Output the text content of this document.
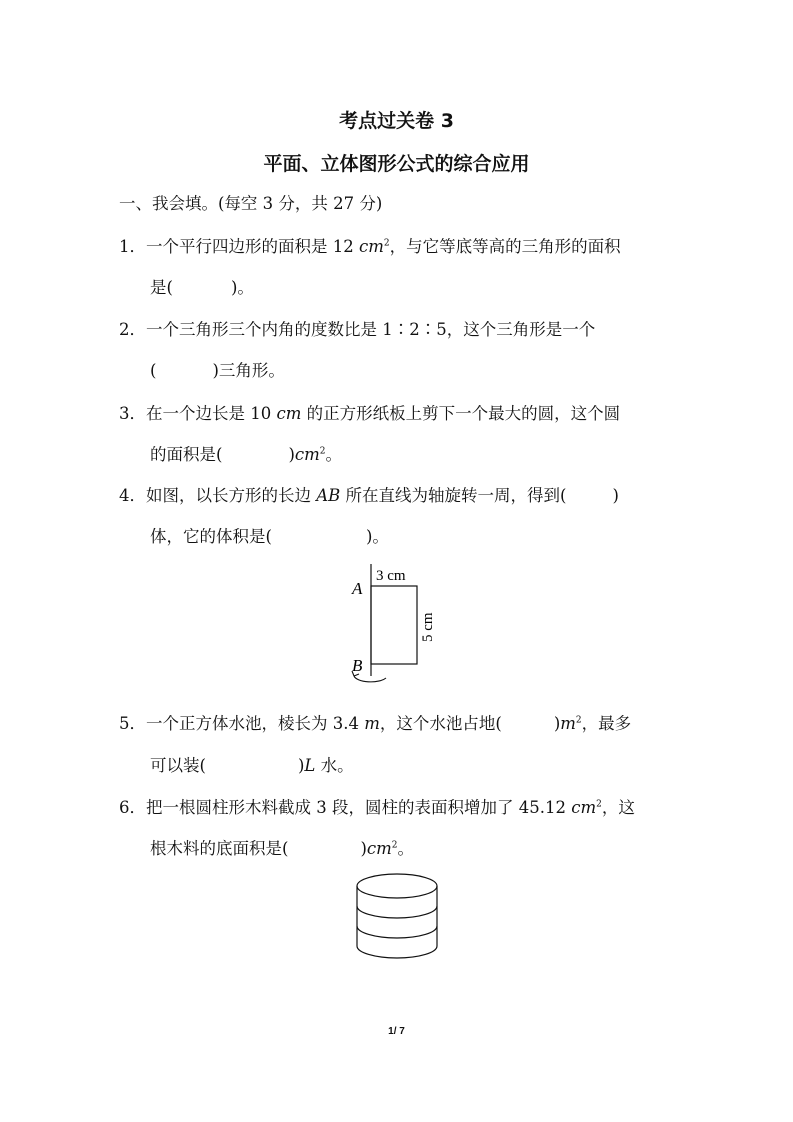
考点过关卷 3
平面、立体图形公式的综合应用
一、我会填。(每空 3 分，共 27 分)
1．一个平行四边形的面积是 12 $cm^2$，与它等底等高的三角形的面积
是(	)。
2．一个三角形三个内角的度数比是 1∶2∶5，这个三角形是一个
(	)三角形。
3．在一个边长是 10 cm 的正方形纸板上剪下一个最大的圆，这个圆
的面积是(	)$cm^2$。
4．如图，以长方形的长边 AB 所在直线为轴旋转一周，得到(	)
体，它的体积是(	)。
A
B
3 cm
5 cm
5．一个正方体水池，棱长为 3.4 m，这个水池占地(	)$m^2$，最多
可以装(	)L 水。
6．把一根圆柱形木料截成 3 段，圆柱的表面积增加了 45.12 $cm^2$，这
根木料的底面积是(	)$cm^2$。
1/ 7
